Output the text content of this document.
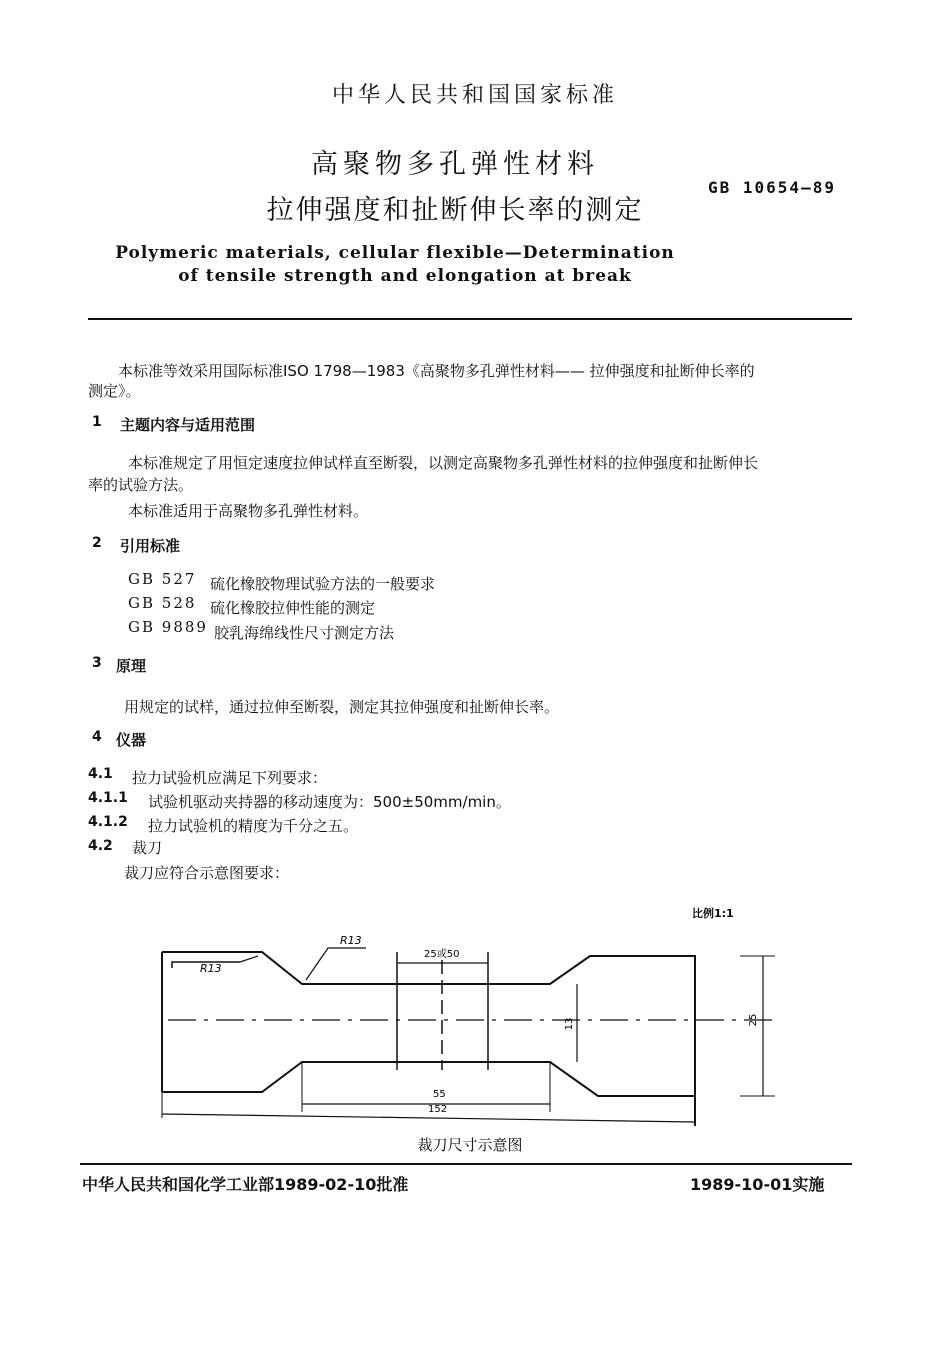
中华人民共和国国家标准
高聚物多孔弹性材料
拉伸强度和扯断伸长率的测定
GB 10654—89
Polymeric materials, cellular flexible—Determination
of tensile strength and elongation at break
本标准等效采用国际标准ISO 1798—1983《高聚物多孔弹性材料—— 拉伸强度和扯断伸长率的
测定》。
1 主题内容与适用范围
本标准规定了用恒定速度拉伸试样直至断裂，以测定高聚物多孔弹性材料的拉伸强度和扯断伸长
率的试验方法。
本标准适用于高聚物多孔弹性材料。
2 引用标准
GB 527 硫化橡胶物理试验方法的一般要求
GB 528 硫化橡胶拉伸性能的测定
GB 9889 胶乳海绵线性尺寸测定方法
3 原理
用规定的试样，通过拉伸至断裂，测定其拉伸强度和扯断伸长率。
4 仪器
4.1 拉力试验机应满足下列要求：
4.1.1 试验机驱动夹持器的移动速度为：500±50mm/min。
4.1.2 拉力试验机的精度为千分之五。
4.2 裁刀
裁刀应符合示意图要求：
比例1:1
25或50
R13
R13
13	25
55
152
裁刀尺寸示意图
中华人民共和国化学工业部1989-02-10批准	1989-10-01实施
